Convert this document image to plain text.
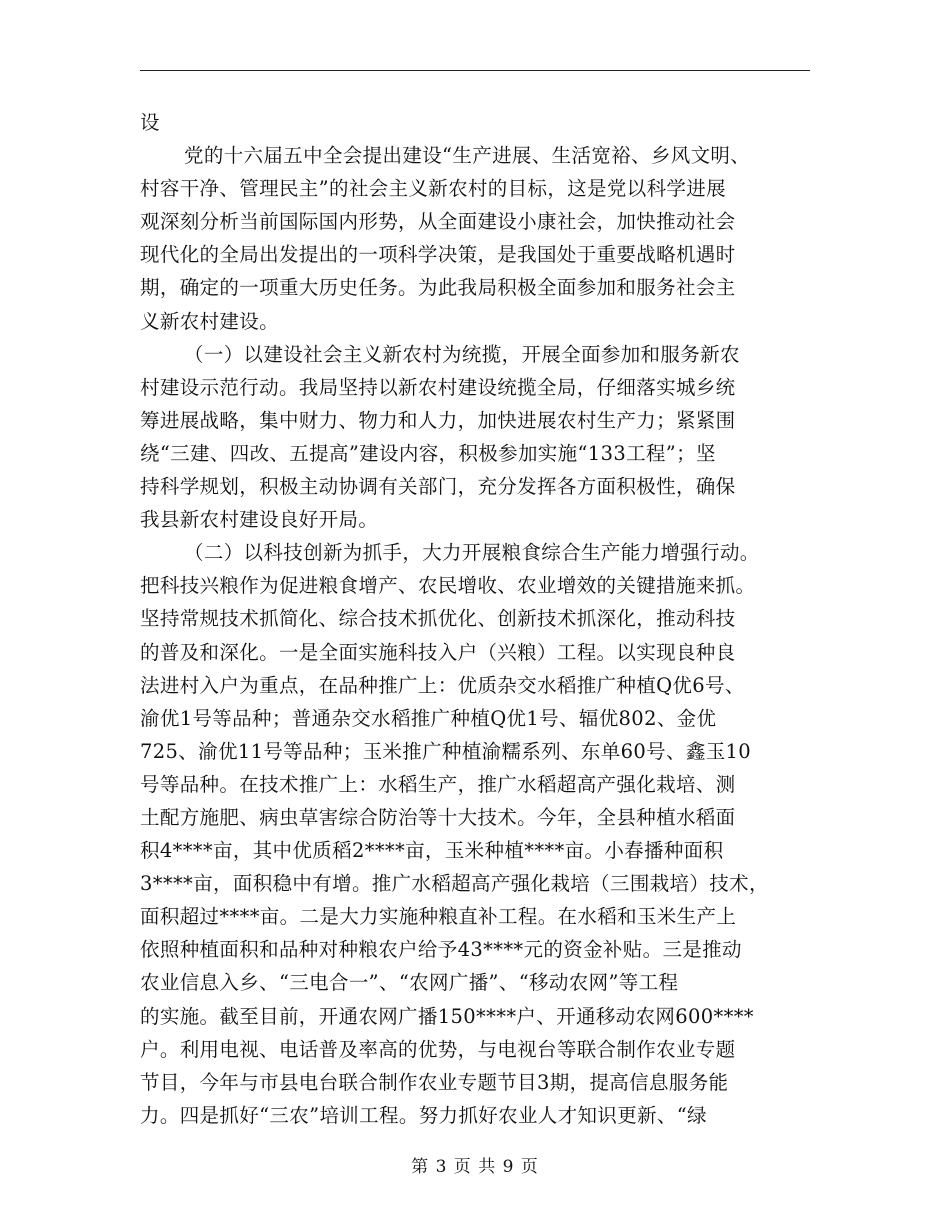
设
党的十六届五中全会提出建设“生产进展、生活宽裕、乡风文明、
村容干净、管理民主”的社会主义新农村的目标，这是党以科学进展
观深刻分析当前国际国内形势，从全面建设小康社会，加快推动社会
现代化的全局出发提出的一项科学决策，是我国处于重要战略机遇时
期，确定的一项重大历史任务。为此我局积极全面参加和服务社会主
义新农村建设。
（一）以建设社会主义新农村为统揽，开展全面参加和服务新农
村建设示范行动。我局坚持以新农村建设统揽全局，仔细落实城乡统
筹进展战略，集中财力、物力和人力，加快进展农村生产力；紧紧围
绕“三建、四改、五提高”建设内容，积极参加实施“133工程”；坚
持科学规划，积极主动协调有关部门，充分发挥各方面积极性，确保
我县新农村建设良好开局。
（二）以科技创新为抓手，大力开展粮食综合生产能力增强行动。
把科技兴粮作为促进粮食增产、农民增收、农业增效的关键措施来抓。
坚持常规技术抓简化、综合技术抓优化、创新技术抓深化，推动科技
的普及和深化。一是全面实施科技入户（兴粮）工程。以实现良种良
法进村入户为重点，在品种推广上：优质杂交水稻推广种植Q优6号、
渝优1号等品种；普通杂交水稻推广种植Q优1号、辐优802、金优
725、渝优11号等品种；玉米推广种植渝糯系列、东单60号、鑫玉10
号等品种。在技术推广上：水稻生产，推广水稻超高产强化栽培、测
土配方施肥、病虫草害综合防治等十大技术。今年，全县种植水稻面
积4****亩，其中优质稻2****亩，玉米种植****亩。小春播种面积
3****亩，面积稳中有增。推广水稻超高产强化栽培（三围栽培）技术，
面积超过****亩。二是大力实施种粮直补工程。在水稻和玉米生产上
依照种植面积和品种对种粮农户给予43****元的资金补贴。三是推动
农业信息入乡、“三电合一”、“农网广播”、“移动农网”等工程
的实施。截至目前，开通农网广播150****户、开通移动农网600****
户。利用电视、电话普及率高的优势，与电视台等联合制作农业专题
节目，今年与市县电台联合制作农业专题节目3期，提高信息服务能
力。四是抓好“三农”培训工程。努力抓好农业人才知识更新、“绿
第 3 页 共 9 页
